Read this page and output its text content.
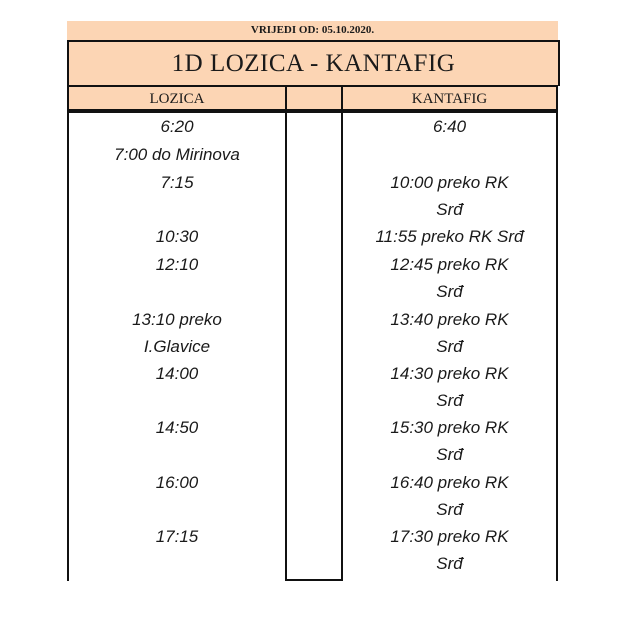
VRIJEDI OD: 05.10.2020.
1D LOZICA - KANTAFIG
LOZICA	KANTAFIG
6:20

7:00 do Mirinova
7:15
10:30
12:10
13:10 preko
I.Glavice
14:00
14:50
16:00
17:15
6:40
10:00 preko RK
Srđ
11:55 preko RK Srđ
12:45 preko RK
Srđ
13:40 preko RK
Srđ
14:30 preko RK
Srđ
15:30 preko RK
Srđ
16:40 preko RK
Srđ
17:30 preko RK
Srđ
